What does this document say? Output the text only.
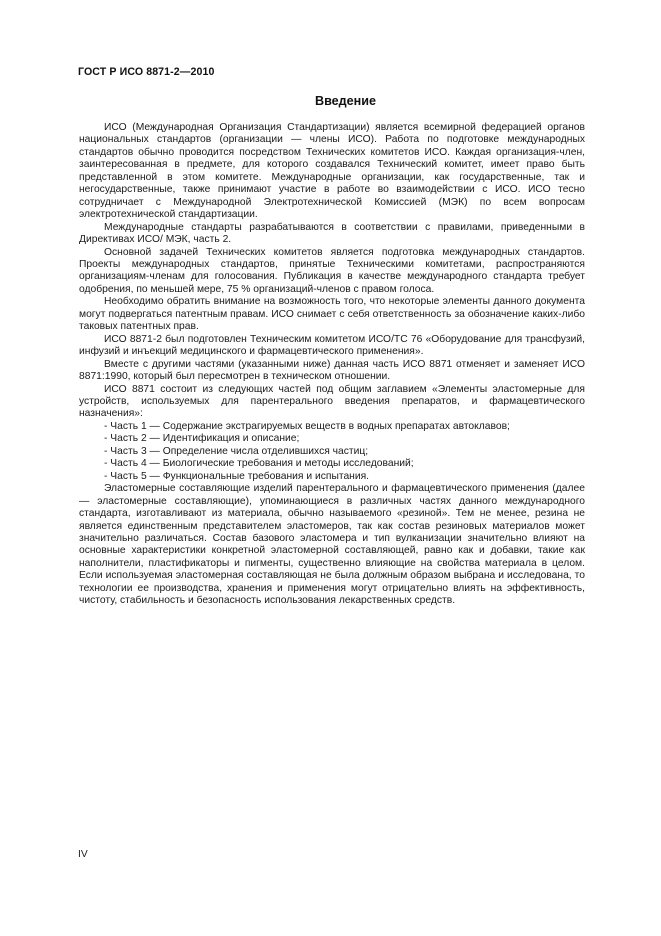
ГОСТ Р ИСО 8871-2—2010
Введение

ИСО (Международная Организация Стандартизации) является всемирной федерацией органов национальных стандартов (организации — члены ИСО). Работа по подготовке международных стандартов обычно проводится посредством Технических комитетов ИСО. Каждая организация-член, заинтересованная в предмете, для которого создавался Технический комитет, имеет право быть представленной в этом комитете. Международные организации, как государственные, так и негосударственные, также принимают участие в работе во взаимодействии с ИСО. ИСО тесно сотрудничает с Международной Электротехнической Комиссией (МЭК) по всем вопросам электротехнической стандартизации.

Международные стандарты разрабатываются в соответствии с правилами, приведенными в Директивах ИСО/ МЭК, часть 2.

Основной задачей Технических комитетов является подготовка международных стандартов. Проекты международных стандартов, принятые Техническими комитетами, распространяются организациям-членам для голосования. Публикация в качестве международного стандарта требует одобрения, по меньшей мере, 75 % организаций-членов с правом голоса.

Необходимо обратить внимание на возможность того, что некоторые элементы данного документа могут подвергаться патентным правам. ИСО снимает с себя ответственность за обозначение каких-либо таковых патентных прав.

ИСО 8871-2 был подготовлен Техническим комитетом ИСО/ТС 76 «Оборудование для трансфузий, инфузий и инъекций медицинского и фармацевтического применения».

Вместе с другими частями (указанными ниже) данная часть ИСО 8871 отменяет и заменяет ИСО 8871:1990, который был пересмотрен в техническом отношении.

ИСО 8871 состоит из следующих частей под общим заглавием «Элементы эластомерные для устройств, используемых для парентерального введения препаратов, и фармацевтического назначения»:

- Часть 1 — Содержание экстрагируемых веществ в водных препаратах автоклавов;
- Часть 2 — Идентификация и описание;
- Часть 3 — Определение числа отделившихся частиц;
- Часть 4 — Биологические требования и методы исследований;
- Часть 5 — Функциональные требования и испытания.

Эластомерные составляющие изделий парентерального и фармацевтического применения (далее — эластомерные составляющие), упоминающиеся в различных частях данного международного стандарта, изготавливают из материала, обычно называемого «резиной». Тем не менее, резина не является единственным представителем эластомеров, так как состав резиновых материалов может значительно различаться. Состав базового эластомера и тип вулканизации значительно влияют на основные характеристики конкретной эластомерной составляющей, равно как и добавки, такие как наполнители, пластификаторы и пигменты, существенно влияющие на свойства материала в целом. Если используемая эластомерная составляющая не была должным образом выбрана и исследована, то технологии ее производства, хранения и применения могут отрицательно влиять на эффективность, чистоту, стабильность и безопасность использования лекарственных средств.

IV
